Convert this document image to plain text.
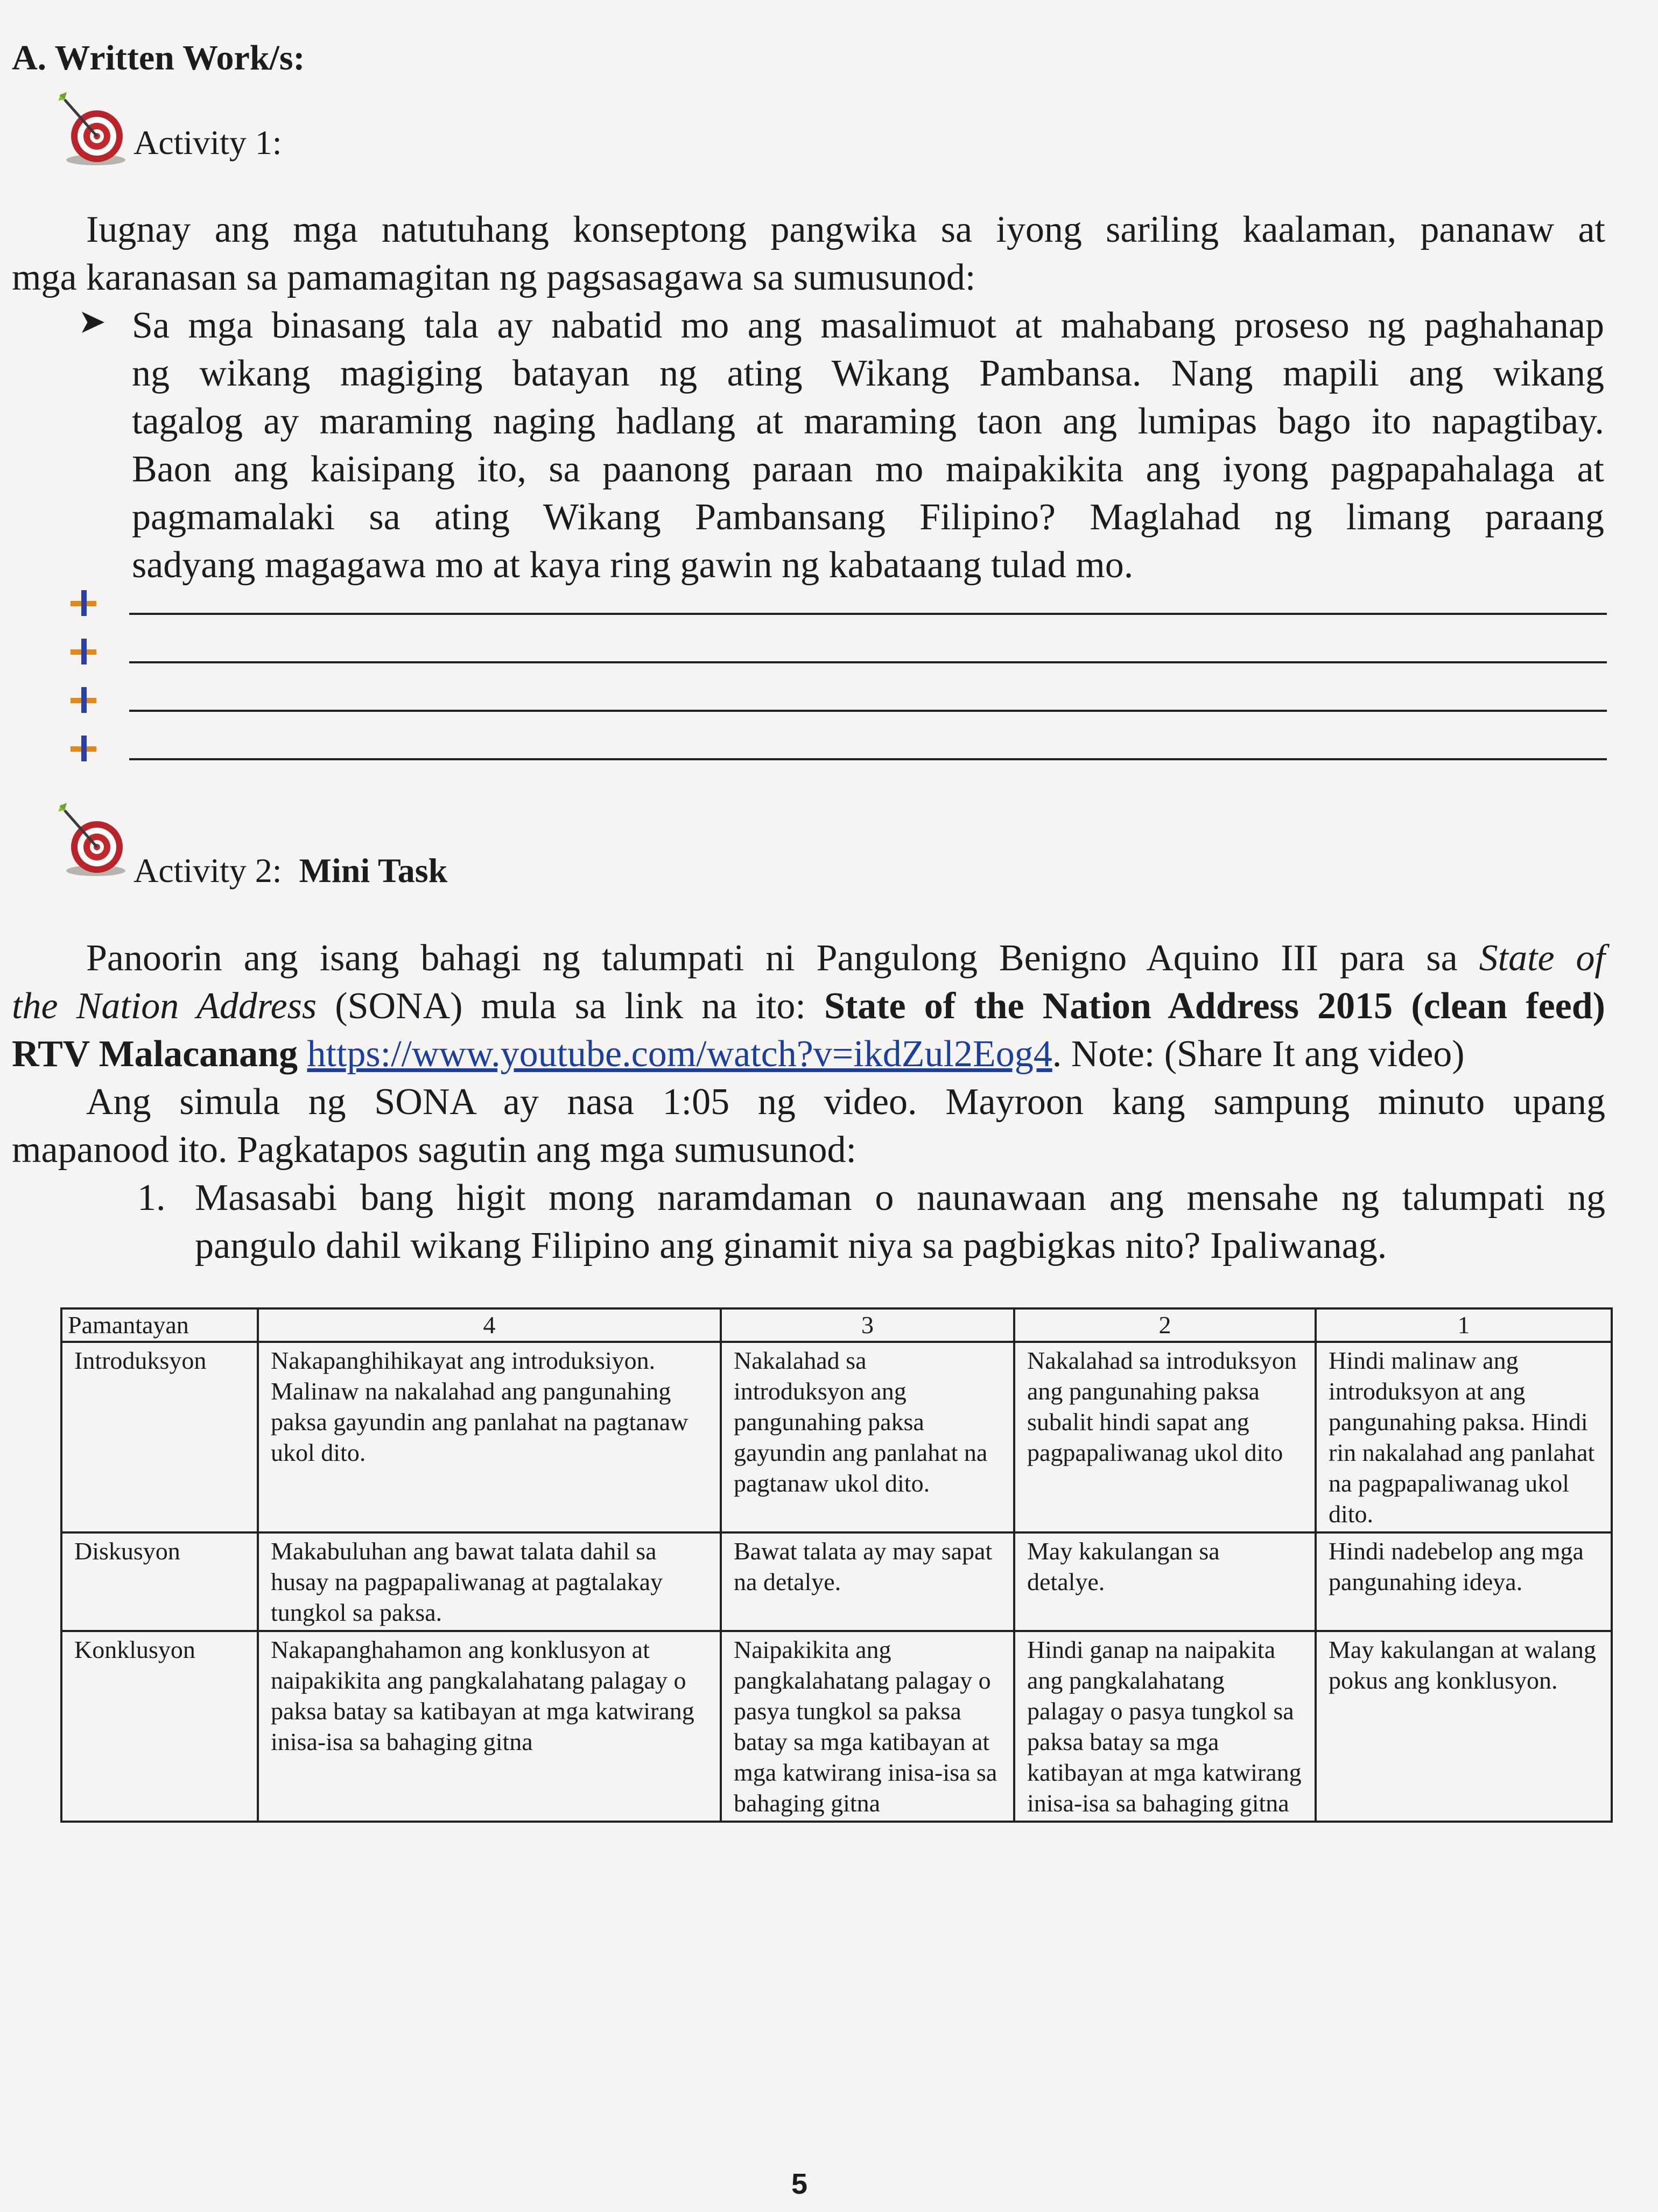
A. Written Work/s:
Activity 1:
Iugnay ang mga natutuhang konseptong pangwika sa iyong sariling kaalaman, pananaw at
mga karanasan sa pamamagitan ng pagsasagawa sa sumusunod:
➤ Sa mga binasang tala ay nabatid mo ang masalimuot at mahabang proseso ng paghahanap
ng wikang magiging batayan ng ating Wikang Pambansa. Nang mapili ang wikang
tagalog ay maraming naging hadlang at maraming taon ang lumipas bago ito napagtibay.
Baon ang kaisipang ito, sa paanong paraan mo maipakikita ang iyong pagpapahalaga at
pagmamalaki sa ating Wikang Pambansang Filipino? Maglahad ng limang paraang
sadyang magagawa mo at kaya ring gawin ng kabataang tulad mo.
Activity 2: Mini Task
Panoorin ang isang bahagi ng talumpati ni Pangulong Benigno Aquino III para sa State of
the Nation Address (SONA) mula sa link na ito: State of the Nation Address 2015 (clean feed)
RTV Malacanang https://www.youtube.com/watch?v=ikdZul2Eog4. Note: (Share It ang video)
Ang simula ng SONA ay nasa 1:05 ng video. Mayroon kang sampung minuto upang
mapanood ito. Pagkatapos sagutin ang mga sumusunod:
1. Masasabi bang higit mong naramdaman o naunawaan ang mensahe ng talumpati ng
pangulo dahil wikang Filipino ang ginamit niya sa pagbigkas nito? Ipaliwanag.
Pamantayan	4	3	2	1
Introduksyon	Nakapanghihikayat ang introduksiyon. Malinaw na nakalahad ang pangunahing paksa gayundin ang panlahat na pagtanaw ukol dito.	Nakalahad sa introduksyon ang pangunahing paksa gayundin ang panlahat na pagtanaw ukol dito.	Nakalahad sa introduksyon ang pangunahing paksa subalit hindi sapat ang pagpapaliwanag ukol dito	Hindi malinaw ang introduksyon at ang pangunahing paksa. Hindi rin nakalahad ang panlahat na pagpapaliwanag ukol dito.
Diskusyon	Makabuluhan ang bawat talata dahil sa husay na pagpapaliwanag at pagtalakay tungkol sa paksa.	Bawat talata ay may sapat na detalye.	May kakulangan sa detalye.	Hindi nadebelop ang mga pangunahing ideya.
Konklusyon	Nakapanghahamon ang konklusyon at naipakikita ang pangkalahatang palagay o paksa batay sa katibayan at mga katwirang inisa-isa sa bahaging gitna	Naipakikita ang pangkalahatang palagay o pasya tungkol sa paksa batay sa mga katibayan at mga katwirang inisa-isa sa bahaging gitna	Hindi ganap na naipakita ang pangkalahatang palagay o pasya tungkol sa paksa batay sa mga katibayan at mga katwirang inisa-isa sa bahaging gitna	May kakulangan at walang pokus ang konklusyon.
5
